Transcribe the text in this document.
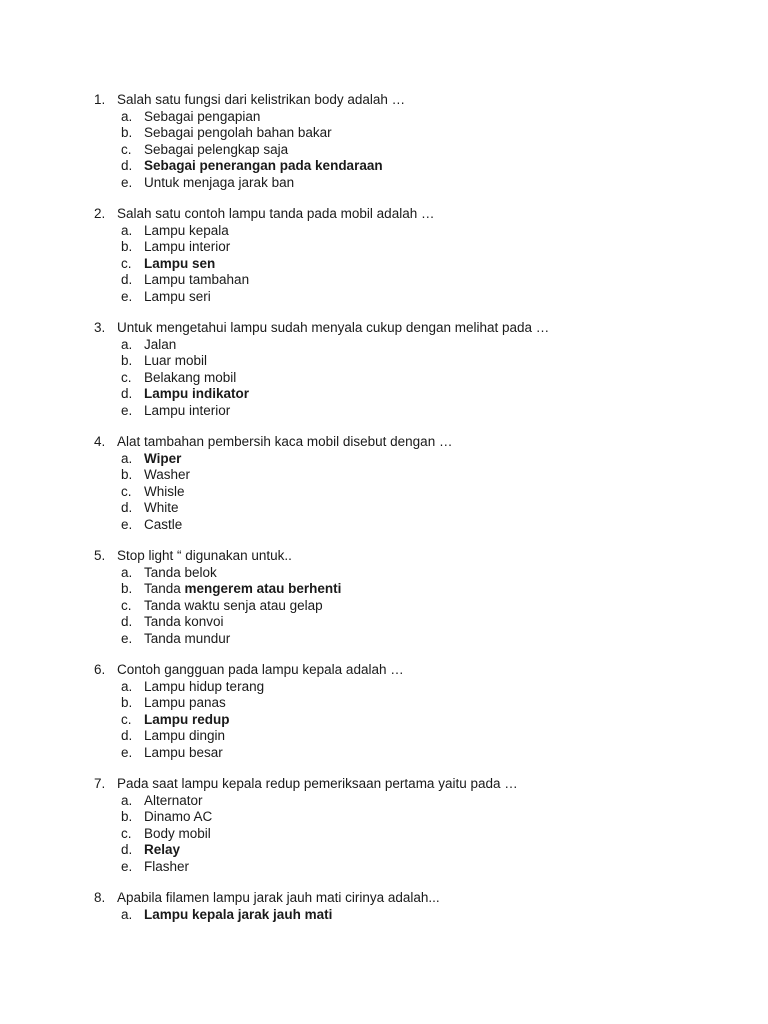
1. Salah satu fungsi dari kelistrikan body adalah …
a. Sebagai pengapian
b. Sebagai pengolah bahan bakar
c. Sebagai pelengkap saja
d. Sebagai penerangan pada kendaraan
e. Untuk menjaga jarak ban
2. Salah satu contoh lampu tanda pada mobil adalah …
a. Lampu kepala
b. Lampu interior
c. Lampu sen
d. Lampu tambahan
e. Lampu seri
3. Untuk mengetahui lampu sudah menyala cukup dengan melihat pada …
a. Jalan
b. Luar mobil
c. Belakang mobil
d. Lampu indikator
e. Lampu interior
4. Alat tambahan pembersih kaca mobil disebut dengan …
a. Wiper
b. Washer
c. Whisle
d. White
e. Castle
5. Stop light “ digunakan untuk..
a. Tanda belok
b. Tanda mengerem atau berhenti
c. Tanda waktu senja atau gelap
d. Tanda konvoi
e. Tanda mundur
6. Contoh gangguan pada lampu kepala adalah …
a. Lampu hidup terang
b. Lampu panas
c. Lampu redup
d. Lampu dingin
e. Lampu besar
7. Pada saat lampu kepala redup pemeriksaan pertama yaitu pada …
a. Alternator
b. Dinamo AC
c. Body mobil
d. Relay
e. Flasher
8. Apabila filamen lampu jarak jauh mati cirinya adalah...
a. Lampu kepala jarak jauh mati
